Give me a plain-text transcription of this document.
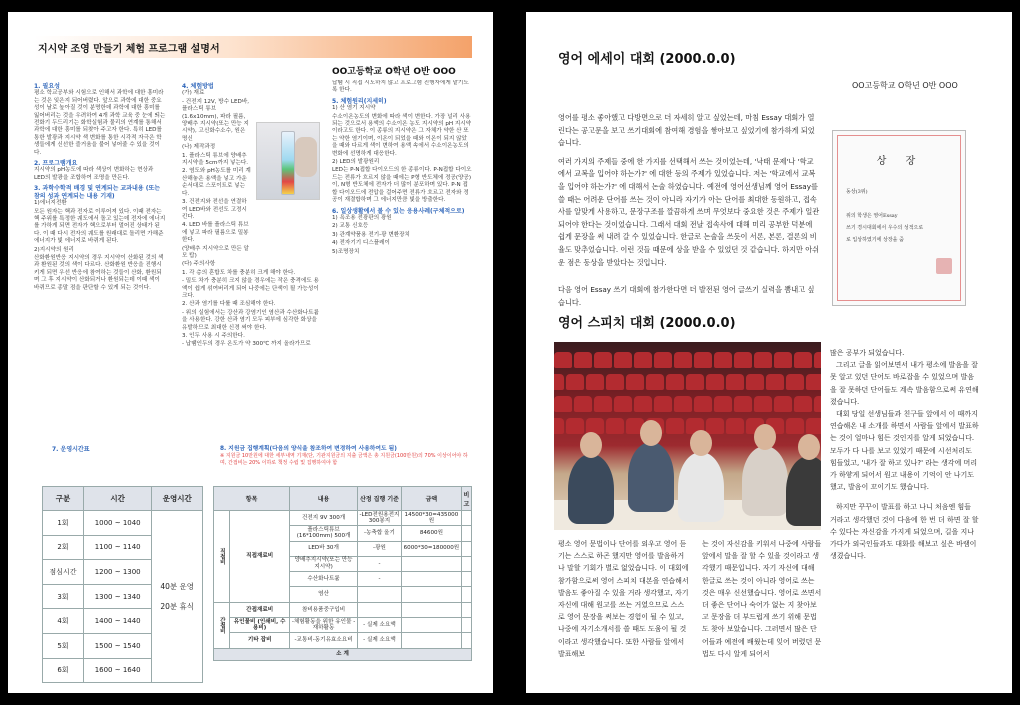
지시약 조영 만들기 체험 프로그램 설명서
OO고등학교 O학년 O반 OOO
1. 필요성

평소 학교공부와 시험으로 인해서 과학에 대한 흥미라는 것은 잊은지 되어버렸다. 앞으로 과학에 대한 중요성이 날로 높아질 것이 분명한데 과학에 대한 흥미를 잃어버리는 것을 우려하여 4개 과학 교육 중 눈에 띄는 전화기 두드리기는 화학실험과 물리의 연계를 통해서 과학에 대한 흥미를 되찾아 주고자 한다. 특히 LED를 통한 발광과 지시약 색 변화를 통한 시각적 자극은 학생들에게 신선한 즐거움을 불어 넣어줄 수 있을 것이다.

2. 프로그램개요

지시약의 pH농도에 따라 색상이 변화하는 현상과 LED의 발광을 조합하여 조명을 만든다.

3. 과학수학적 배경 및 연계되는 교과내용 (또는 참의 성과 연계되는 내용 기재)

1)에너지전환

모든 원자는 핵과 전자로 이루어져 있다. 이때 전자는 핵 주위를 특정한 궤도에서 돌고 있는데 전자에 에너지를 가하게 되면 전자가 핵으로부터 멀어진 상태가 된다. 이 때 다시 전자의 궤도를 원래대로 돌리면 가해준 에너지가 빛 에너지로 바뀌게 된다.

2)지시약의 원리

산화환원반응 지시약의 경우 지시약이 산화된 것의 색과 환원된 것의 색이 다르다. 산화환원 반응을 진행시키게 되면 우선 반응에 참여하는 것들이 산화, 환원되며 그 후 지시약이 산화되거나 환원되는데 이때 색이 바뀌므로 종말 점을 판단할 수 있게 되는 것이다.

4. 체험방법

(가) 재료

- 건전지 12V, 방수 LED바, 플라스틱 튜브 (1.6x10mm), 파라 필름, 양배추 지시약(또는 만능 지시약), 고신화수소수, 원은 명신

(나) 제작과정

1. 플라스틱 튜브에 양배추 지시약을 5cm까지 넣는다.

2. 염도와 pH농도를 미리 계산해놓은 용액을 넣고 가운 순서대로 스포이트로 넣는다.

3. 건전지와 전선을 연결하여 LED바와 전선도 고정시킨다.

4. LED 바를 플라스틱 튜브에 넣고 파라 필름으로 밀봉한다.

(양배추 지시약으로 만든 알모 탑)

(다) 주의사항

1. 각 층의 혼합도 차를 충분히 크게 해야 한다.

- 밀도 차가 충분히 크지 않을 경우에는 작은 충격에도 용액이 쉽게 섞여버리게 되어 나중에는 단색이 될 가능성이 크다.

2. 산과 염기를 다룰 때 조심해야 한다.

- 위의 실험에서는 강산과 강염기인 염산과 수산화나트륨을 사용한다. 강한 산과 염기 모두 피부에 심각한 화상을 유발하므로 최대한 신경 써야 한다.

3. 인두 사용 시 주의한다.

- 납땜인두의 경우 온도가 약 300℃ 까지 올라가므로

납땜 시 직접 시도하지 않고 프로그램 진행자에게 맡기도록 한다.

5. 체험원리(지세히)

1) 산 염기 지시약

수소이온농도의 변화에 따라 색이 변한다. 가장 널리 사용되는 것으로서 용액의 수소이온 농도 지시약의 pH 지시약이라고도 한다. 이 종류의 지시약은 그 자체가 약한 산 또는 약한 염기이며, 이온이 되었을 때와 이온이 되지 않았을 때와 다르게 색이 변하여 용액 속에서 수소이온농도의 변화에 선명하게 대응한다.

2) LED의 발광원리

LED는 P-N접합 다이오드의 한 종류이다. P-N접합 다이오드는 전류가 흐르지 않을 때에는 P형 반도체에 정공(양공)이, N형 반도체에 전자가 더 많이 분포하며 있다. P-N 접합 다이오드에 전압을 걸어주면 전류가 흐르고 전자와 정공이 재결합하며 그 에너지만큼 빛을 방출한다.

6. 일상생활에서 볼 수 있는 응용사례(구체적으로)

1) 욕조용 전광판의 광원

2) 교통 신호등

3) 관계약품용 전기-광 변환장치

4) 전자기기 디스플레이

5)조명장치

7. 운영시간표	8. 지원금 집행계획(다음의 양식을 참조하여 변경하여 사용하여도 됨)
※ 지원금 10만원에 대한 세부내역 기재(단, 기관지원금의 지출 금액은 총 지원금(100만원)의 70% 이상이어야 하며, 간접비는 20% 이하로 책정 수립 및 집행하여야 함
구분	시간	운영시간
1회	1000 ~ 1040	40분 운영
20분 휴식

2회	1100 ~ 1140	
점심시간	1200 ~ 1300	
3회	1300 ~ 1340	
4회	1400 ~ 1440	
5회	1500 ~ 1540	
6회	1600 ~ 1640	
항목		내용	산정 집행 기준	금액	비고
직접비	직접재료비	건전지 9V 300개	-LED전원용전지 300봉지	14500*30=435000원	
		플라스틱튜브(16*100mm) 500개	-농축합 올기	84600원	
		LED바 30개	-광원	6000*30=180000원	
		양배추지시약(또는 만능 지시약)	-		
		수산화나트륨	-		
		염산			
간접비	간접재료비	참비용품중구입비			
	유인물비 (인쇄비, 수용비)	-체험활동을 위한 유인물 -재하활동	- 실제 소요액		
	기타 잡비	-교통비-동기유효소요비	- 실제 소요액		
소 계					
영어 에세이 대회 (2000.0.0)
OO고등학교 O학년 O반 OOO

영어를 평소 좋아했고 다방면으로 더 자세히 알고 싶었는데, 마침 Essay 대회가 열린다는 공고문을 보고 쓰기대회에 참여해 경험을 쌓아보고 싶었기에 참가하게 되었습니다.

여러 가지의 주제들 중에 한 가지를 선택해서 쓰는 것이었는데, '낙태 문제'나 '학교에서 교복을 입어야 하는가?' 에 대한 등의 주제가 있었습니다. 저는 '학교에서 교복을 입어야 하는가?' 에 대해서 논술 하였습니다. 예전에 영어선생님께 영어 Essay를 쓸 때는 어려운 단어를 쓰는 것이 아니라 자기가 아는 단어를 최대한 동원하고, 접속사를 알맞게 사용하고, 문장구조를 깔끔하게 쓰며 무엇보다 중요한 것은 주제가 일관되어야 한다는 것이었습니다. 그래서 대회 전날 접속사에 대해 미리 공부한 덕분에 쉽게 문장을 써 내려 갈 수 있었습니다. 한글로 논술을 쓰듯이 서론, 본론, 결론의 비율도 맞추었습니다. 이런 것들 때문에 상을 받을 수 있었던 것 같습니다. 하지만 아쉬운 점은 동상을 받았다는 것입니다.

다음 영어 Essay 쓰기 대회에 참가한다면 더 발전된 영어 글쓰기 실력을 뽐내고 싶습니다.

상 장
동상(3위)
위의 학생은 영어Essay
쓰기 경시대회에서 우수의 성적으로
로 입상하였기에 상장을 줌
영어 스피치 대회 (2000.0.0)
평소 영어 문법이나 단어를 외우고 영어 듣기는 스스로 하곤 했지만 영어를 발음하거나 말할 기회가 별로 없었습니다. 이 대회에 참가함으로써 영어 스피치 대본을 연습해서 발음도 좋아질 수 있을 거라 생각했고, 자기 자신에 대해 원고를 쓰는 거였으므로 스스로 영어 문장을 써보는 경험이 될 수 있고, 나중에 자기소개서를 쓸 때도 도움이 될 것이라고 생각했습니다. 또한 사람들 앞에서 발표해보
는 것이 자신감을 키워서 나중에 사람들 앞에서 말을 잘 할 수 있을 것이라고 생각했기 때문입니다. 자기 자신에 대해 한글로 쓰는 것이 아니라 영어로 쓰는 것은 매우 신선했습니다. 영어로 쓰면서 더 좋은 단어나 숙어가 없는 지 찾아보고 문장을 더 부드럽게 쓰기 위해 문법도 찾아 보았습니다. 그러면서 많은 단어들과 예전에 배웠는데 잊어 버렸던 문법도 다시 알게 되어서

많은 공부가 되었습니다.

그리고 글을 읽어보면서 내가 평소에 발음을 잘못 알고 있던 단어도 바로잡을 수 있었으며 발음을 잘 못하던 단어들도 계속 발음함으로써 유연해졌습니다.

대회 당일 선생님들과 친구들 앞에서 이 때까지 연습해온 내 소개를 하면서 사람들 앞에서 발표하는 것이 얼마나 힘든 것인지를 알게 되었습니다. 모두가 다 나를 보고 있었기 때문에 시선처리도 힘들었고, '내가 잘 하고 있나?' 라는 생각에 머리가 하얗게 되어서 원고 내용이 기억이 안 나기도 했고, 발음이 꼬이기도 했습니다.

하지만 꾸꾸이 발표를 하고 나니 처음엔 힘들 거라고 생각했던 것이 다음에 한 번 더 하면 잘 할 수 있다는 자신감을 가지게 되었으며, 길을 지나가다가 외국인들과도 대화를 해보고 싶은 바램이 생겼습니다.
